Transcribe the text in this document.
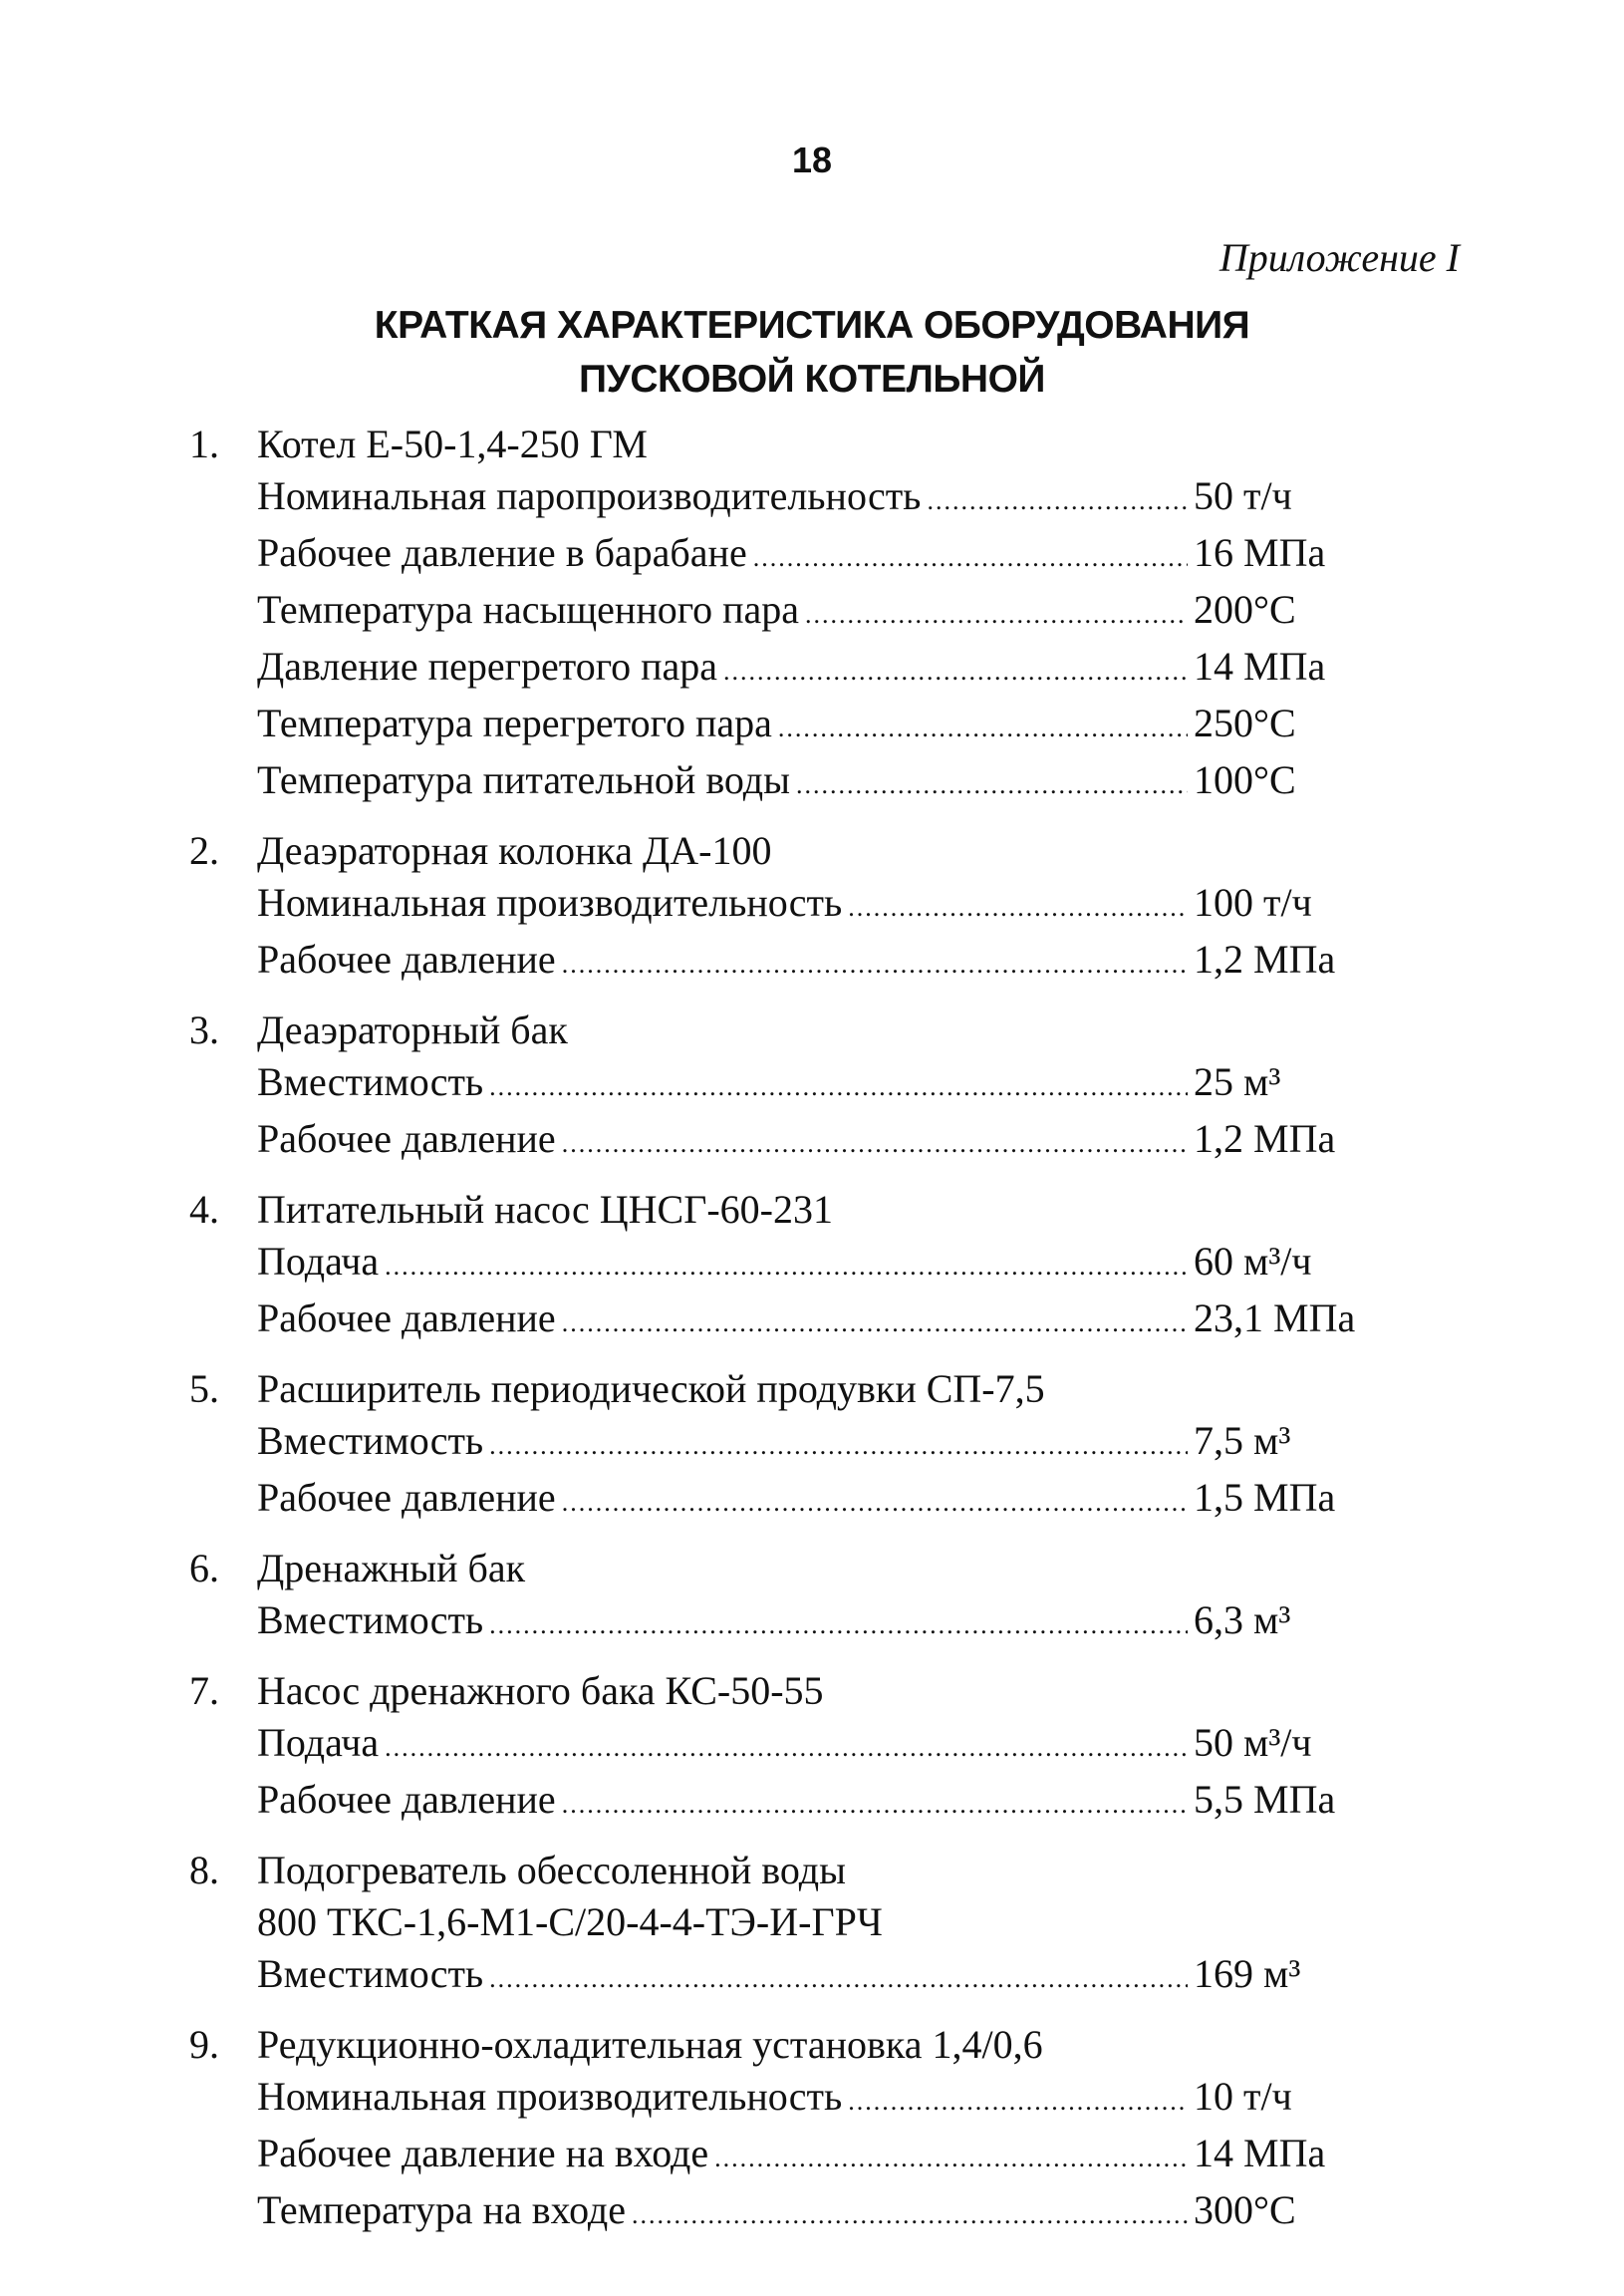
18
Приложение I
КРАТКАЯ ХАРАКТЕРИСТИКА ОБОРУДОВАНИЯ
ПУСКОВОЙ КОТЕЛЬНОЙ
1. Котел Е-50-1,4-250 ГМ
Номинальная паропроизводительность .....	50 т/ч
Рабочее давление в барабане .....	16 МПа
Температура насыщенного пара .....	200°С
Давление перегретого пара .....	14 МПа
Температура перегретого пара .....	250°С
Температура питательной воды .....	100°С
2. Деаэраторная колонка ДА-100
Номинальная производительность .....	100 т/ч
Рабочее давление .....	1,2 МПа
3. Деаэраторный бак
Вместимость .....	25 м³
Рабочее давление .....	1,2 МПа
4. Питательный насос ЦНСГ-60-231
Подача .....	60 м³/ч
Рабочее давление .....	23,1 МПа
5. Расширитель периодической продувки СП-7,5
Вместимость .....	7,5 м³
Рабочее давление .....	1,5 МПа
6. Дренажный бак
Вместимость .....	6,3 м³
7. Насос дренажного бака КС-50-55
Подача .....	50 м³/ч
Рабочее давление .....	5,5 МПа
8. Подогреватель обессоленной воды
800 ТКС-1,6-М1-С/20-4-4-ТЭ-И-ГРЧ
Вместимость .....	169 м³
9. Редукционно-охладительная установка 1,4/0,6
Номинальная производительность .....	10 т/ч
Рабочее давление на входе .....	14 МПа
Температура на входе .....	300°С
